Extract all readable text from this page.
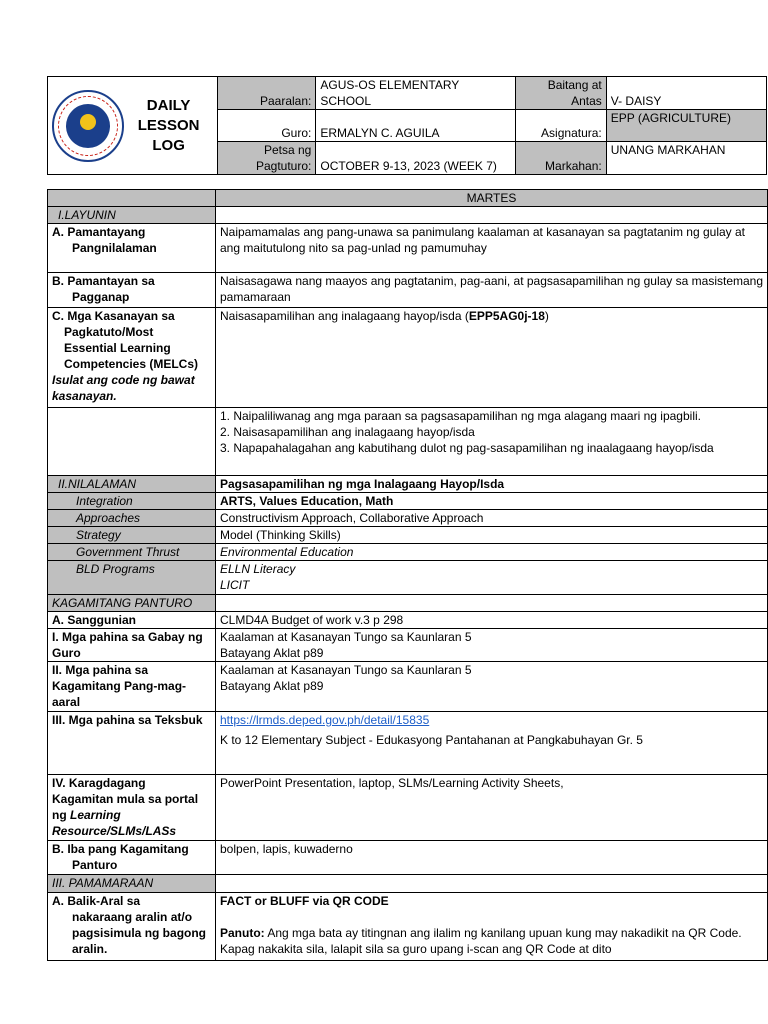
DAILY
LESSON LOG	Paaralan:	AGUS-OS ELEMENTARY SCHOOL	Baitang at Antas	V- DAISY
	Guro:	ERMALYN C. AGUILA	Asignatura:	EPP (AGRICULTURE)
	Petsa ng Pagtuturo:	OCTOBER 9-13, 2023 (WEEK 7)	Markahan:	UNANG MARKAHAN
	MARTES
I.LAYUNIN	

A. Pamantayang
Pangnilalaman	Naipamamalas ang pang-unawa sa panimulang kaalaman at kasanayan sa pagtatanim ng gulay at ang maitutulong nito sa pag-unlad ng pamumuhay

B. Pamantayan sa
Pagganap	Naisasagawa nang maayos ang pagtatanim, pag-aani, at pagsasapamilihan ng gulay sa masistemang pamamaraan

C. Mga Kasanayan sa
Pagkatuto/Most
Essential Learning
Competencies (MELCs)
Isulat ang code ng bawat kasanayan.	Naisasapamilihan ang inalagaang hayop/isda (EPP5AG0j-18)

	1. Naipaliliwanag ang mga paraan sa pagsasapamilihan ng mga alagang maari ng ipagbili.
2. Naisasapamilihan ang inalagaang hayop/isda
3. Napapahalagahan ang kabutihang dulot ng pag-sasapamilihan ng inaalagaang hayop/isda

II.NILALAMAN	Pagsasapamilihan ng mga Inalagaang Hayop/Isda
Integration	ARTS, Values Education, Math
Approaches	Constructivism Approach, Collaborative Approach
Strategy	Model (Thinking Skills)
Government Thrust	Environmental Education
BLD Programs	ELLN Literacy
LICIT

KAGAMITANG PANTURO	
A. Sanggunian	CLMD4A Budget of work v.3 p 298

I. Mga pahina sa Gabay ng
Guro	Kaalaman at Kasanayan Tungo sa Kaunlaran 5
Batayang Aklat p89

II. Mga pahina sa
Kagamitang Pang-mag-
aaral	Kaalaman at Kasanayan Tungo sa Kaunlaran 5
Batayang Aklat p89

III. Mga pahina sa Teksbuk	https://lrmds.deped.gov.ph/detail/15835
K to 12 Elementary Subject - Edukasyong Pantahanan at Pangkabuhayan Gr. 5

IV. Karagdagang
Kagamitan mula sa portal
ng Learning
Resource/SLMs/LASs	PowerPoint Presentation, laptop, SLMs/Learning Activity Sheets,

B. Iba pang Kagamitang
Panturo	bolpen, lapis, kuwaderno
III. PAMAMARAAN	

A. Balik-Aral sa
nakaraang aralin at/o
pagsisimula ng bagong
aralin.	FACT or BLUFF via QR CODE
Panuto: Ang mga bata ay titingnan ang ilalim ng kanilang upuan kung may nakadikit na QR Code. Kapag nakakita sila, lalapit sila sa guro upang i-scan ang QR Code at dito
